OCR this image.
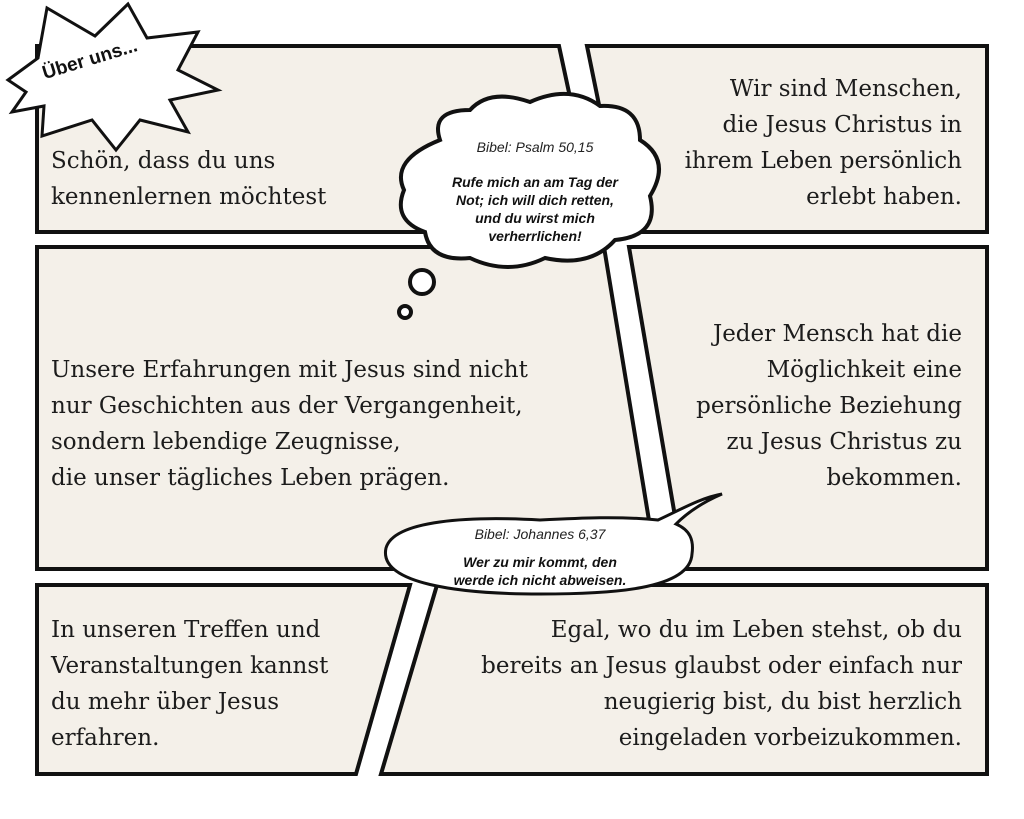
Über uns...
Schön, dass du uns
kennenlernen möchtest
Wir sind Menschen,
die Jesus Christus in
ihrem Leben persönlich
erlebt haben.
Unsere Erfahrungen mit Jesus sind nicht
nur Geschichten aus der Vergangenheit,
sondern lebendige Zeugnisse,
die unser tägliches Leben prägen.
Jeder Mensch hat die
Möglichkeit eine
persönliche Beziehung
zu Jesus Christus zu
bekommen.
In unseren Treffen und
Veranstaltungen kannst
du mehr über Jesus
erfahren.
Egal, wo du im Leben stehst, ob du
bereits an Jesus glaubst oder einfach nur
neugierig bist, du bist herzlich
eingeladen vorbeizukommen.
Bibel: Psalm 50,15
Rufe mich an am Tag der
Not; ich will dich retten,
und du wirst mich
verherrlichen!
Bibel: Johannes 6,37
Wer zu mir kommt, den
werde ich nicht abweisen.
